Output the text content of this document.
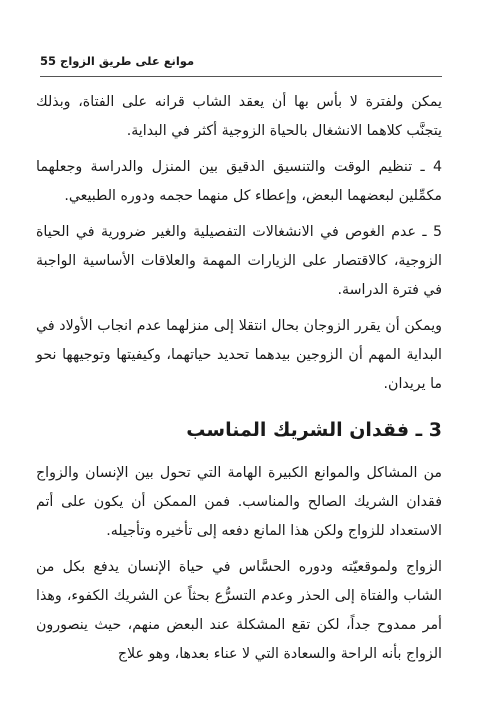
55 موانع على طريق الزواج

يمكن ولفترة لا بأس بها أن يعقد الشاب قرانه على الفتاة، وبذلك يتجنَّب كلاهما الانشغال بالحياة الزوجية أكثر في البداية.

4 ـ تنظيم الوقت والتنسيق الدقيق بين المنزل والدراسة وجعلهما مكمِّلين لبعضهما البعض، وإعطاء كل منهما حجمه ودوره الطبيعي.

5 ـ عدم الغوص في الانشغالات التفصيلية والغير ضرورية في الحياة الزوجية، كالاقتصار على الزيارات المهمة والعلاقات الأساسية الواجبة في فترة الدراسة.

ويمكن أن يقرر الزوجان بحال انتقلا إلى منزلهما عدم انجاب الأولاد في البداية المهم أن الزوجين بيدهما تحديد حياتهما، وكيفيتها وتوجيهها نحو ما يريدان.

3 ـ فقدان الشريك المناسب

من المشاكل والموانع الكبيرة الهامة التي تحول بين الإنسان والزواج فقدان الشريك الصالح والمناسب. فمن الممكن أن يكون على أتم الاستعداد للزواج ولكن هذا المانع دفعه إلى تأخيره وتأجيله.

الزواج ولموقعيّته ودوره الحسَّاس في حياة الإنسان يدفع بكل من الشاب والفتاة إلى الحذر وعدم التسرُّع بحثاً عن الشريك الكفوء، وهذا أمر ممدوح جداً، لكن تقع المشكلة عند البعض منهم، حيث ينصورون الزواج بأنه الراحة والسعادة التي لا عناء بعدها، وهو علاج
